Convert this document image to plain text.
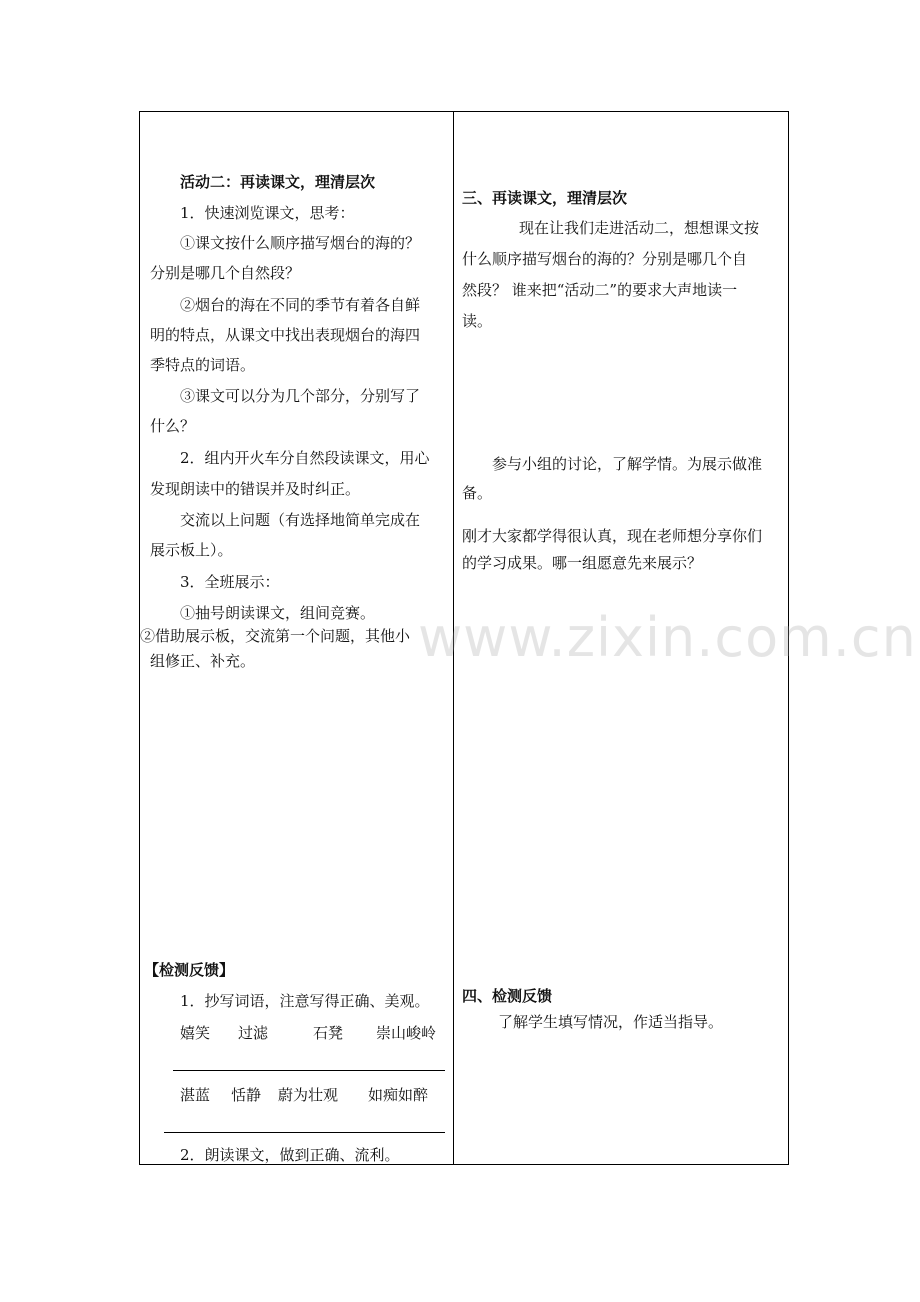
活动二：再读课文，理清层次
1．快速浏览课文，思考：
①课文按什么顺序描写烟台的海的？
分别是哪几个自然段？
②烟台的海在不同的季节有着各自鲜
明的特点，从课文中找出表现烟台的海四
季特点的词语。
③课文可以分为几个部分，分别写了
什么？
2．组内开火车分自然段读课文，用心
发现朗读中的错误并及时纠正。
交流以上问题（有选择地简单完成在
展示板上）。
3．全班展示：
①抽号朗读课文，组间竞赛。
②借助展示板，交流第一个问题，其他小
组修正、补充。
【检测反馈】
1．抄写词语，注意写得正确、美观。
嬉笑 过滤	石凳 崇山峻岭
湛蓝 恬静 蔚为壮观 如痴如醉
2．朗读课文，做到正确、流利。
三、再读课文，理清层次
现在让我们走进活动二，想想课文按
什么顺序描写烟台的海的？分别是哪几个自
然段？ 谁来把“活动二”的要求大声地读一
读。
参与小组的讨论，了解学情。为展示做准
备。
刚才大家都学得很认真，现在老师想分享你们
的学习成果。哪一组愿意先来展示？
四、检测反馈
了解学生填写情况，作适当指导。
www.zixin.com.cn
